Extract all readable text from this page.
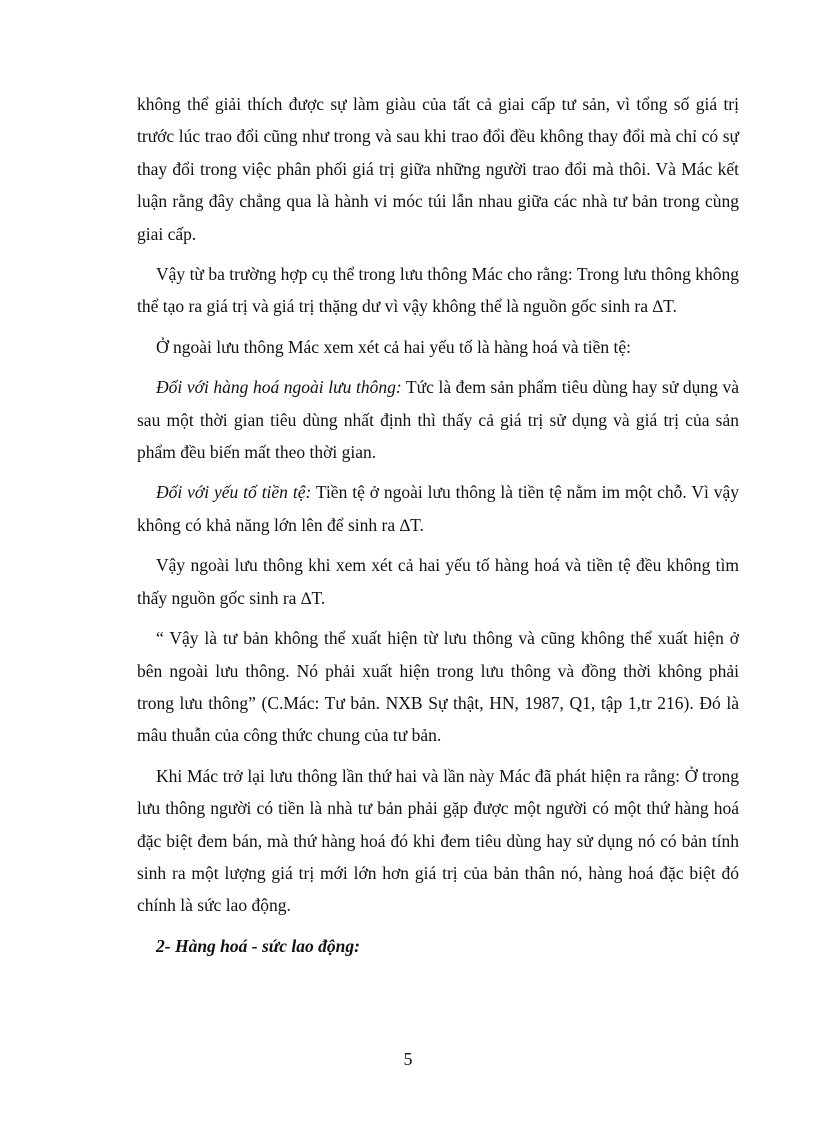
không thể giải thích được sự làm giàu của tất cả giai cấp tư sản, vì tổng số giá trị trước lúc trao đổi cũng như trong và sau khi trao đổi đều không thay đổi mà chỉ có sự thay đổi trong việc phân phối giá trị giữa những người trao đổi mà thôi. Và Mác kết luận rằng đây chẳng qua là hành vi móc túi lẫn nhau giữa các nhà tư bản trong cùng giai cấp.

Vậy từ ba trường hợp cụ thể trong lưu thông Mác cho rằng: Trong lưu thông không thể tạo ra giá trị và giá trị thặng dư vì vậy không thể là nguồn gốc sinh ra ∆T.

Ở ngoài lưu thông Mác xem xét cả hai yếu tố là hàng hoá và tiền tệ:

Đối với hàng hoá ngoài lưu thông: Tức là đem sản phẩm tiêu dùng hay sử dụng và sau một thời gian tiêu dùng nhất định thì thấy cả giá trị sử dụng và giá trị của sản phẩm đều biến mất theo thời gian.

Đối với yếu tố tiền tệ: Tiền tệ ở ngoài lưu thông là tiền tệ nằm im một chỗ. Vì vậy không có khả năng lớn lên để sinh ra ∆T.

Vậy ngoài lưu thông khi xem xét cả hai yếu tố hàng hoá và tiền tệ đều không tìm thấy nguồn gốc sinh ra ∆T.

“ Vậy là tư bản không thể xuất hiện từ lưu thông và cũng không thể xuất hiện ở bên ngoài lưu thông. Nó phải xuất hiện trong lưu thông và đồng thời không phải trong lưu thông” (C.Mác: Tư bản. NXB Sự thật, HN, 1987, Q1, tập 1,tr 216). Đó là mâu thuẫn của công thức chung của tư bản.

Khi Mác trở lại lưu thông lần thứ hai và lần này Mác đã phát hiện ra rằng: Ở trong lưu thông người có tiền là nhà tư bản phải gặp được một người có một thứ hàng hoá đặc biệt đem bán, mà thứ hàng hoá đó khi đem tiêu dùng hay sử dụng nó có bản tính sinh ra một lượng giá trị mới lớn hơn giá trị của bản thân nó, hàng hoá đặc biệt đó chính là sức lao động.

2- Hàng hoá - sức lao động:

5
